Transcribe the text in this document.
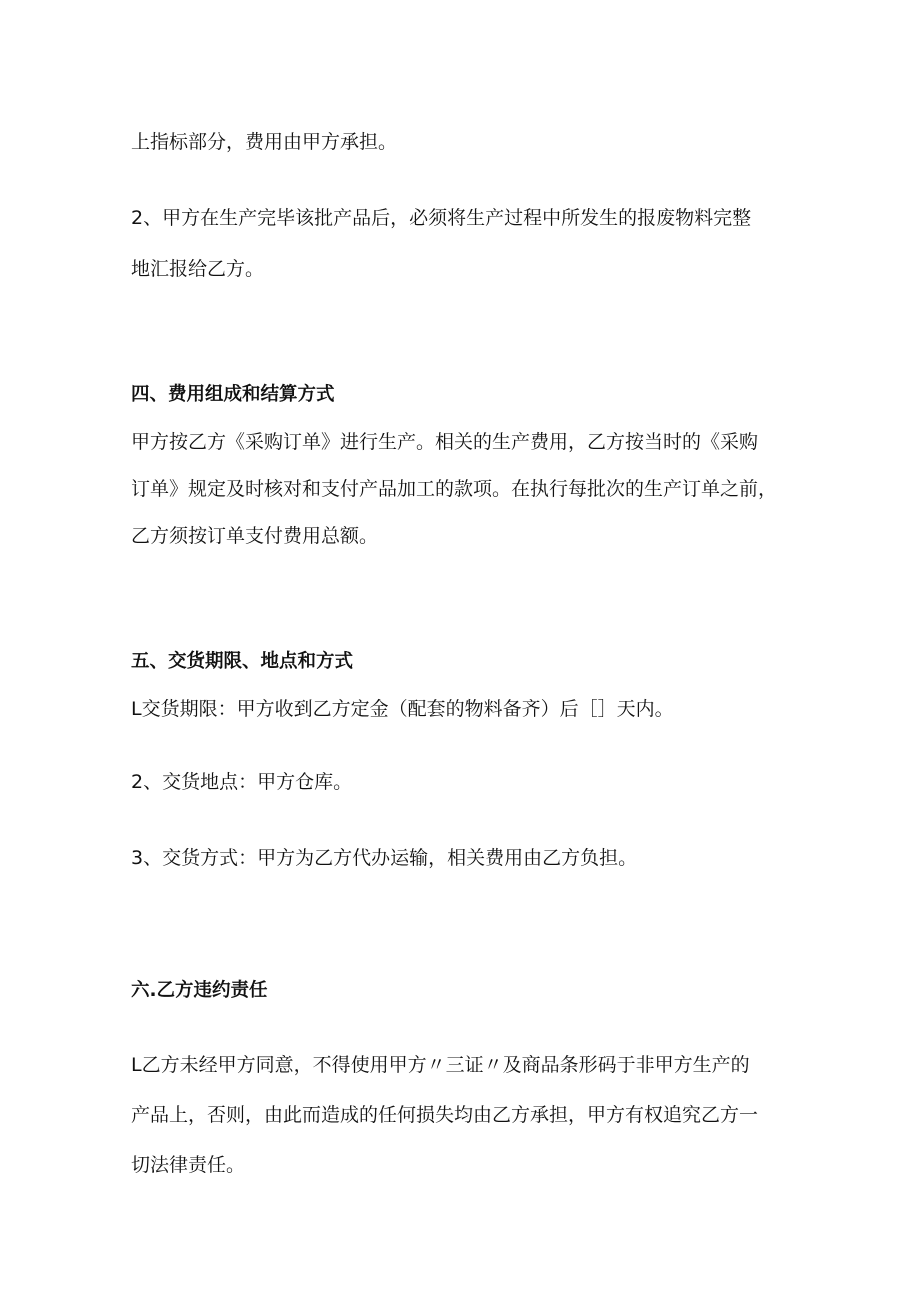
上指标部分，费用由甲方承担。
2、甲方在生产完毕该批产品后，必须将生产过程中所发生的报废物料完整
地汇报给乙方。
四、费用组成和结算方式
甲方按乙方《采购订单》进行生产。相关的生产费用，乙方按当时的《采购
订单》规定及时核对和支付产品加工的款项。在执行每批次的生产订单之前，
乙方须按订单支付费用总额。
五、交货期限、地点和方式
L交货期限：甲方收到乙方定金（配套的物料备齐）后［］天内。
2、交货地点：甲方仓库。
3、交货方式：甲方为乙方代办运输，相关费用由乙方负担。
六.乙方违约责任
L乙方未经甲方同意，不得使用甲方〃三证〃及商品条形码于非甲方生产的
产品上，否则，由此而造成的任何损失均由乙方承担，甲方有权追究乙方一
切法律责任。
